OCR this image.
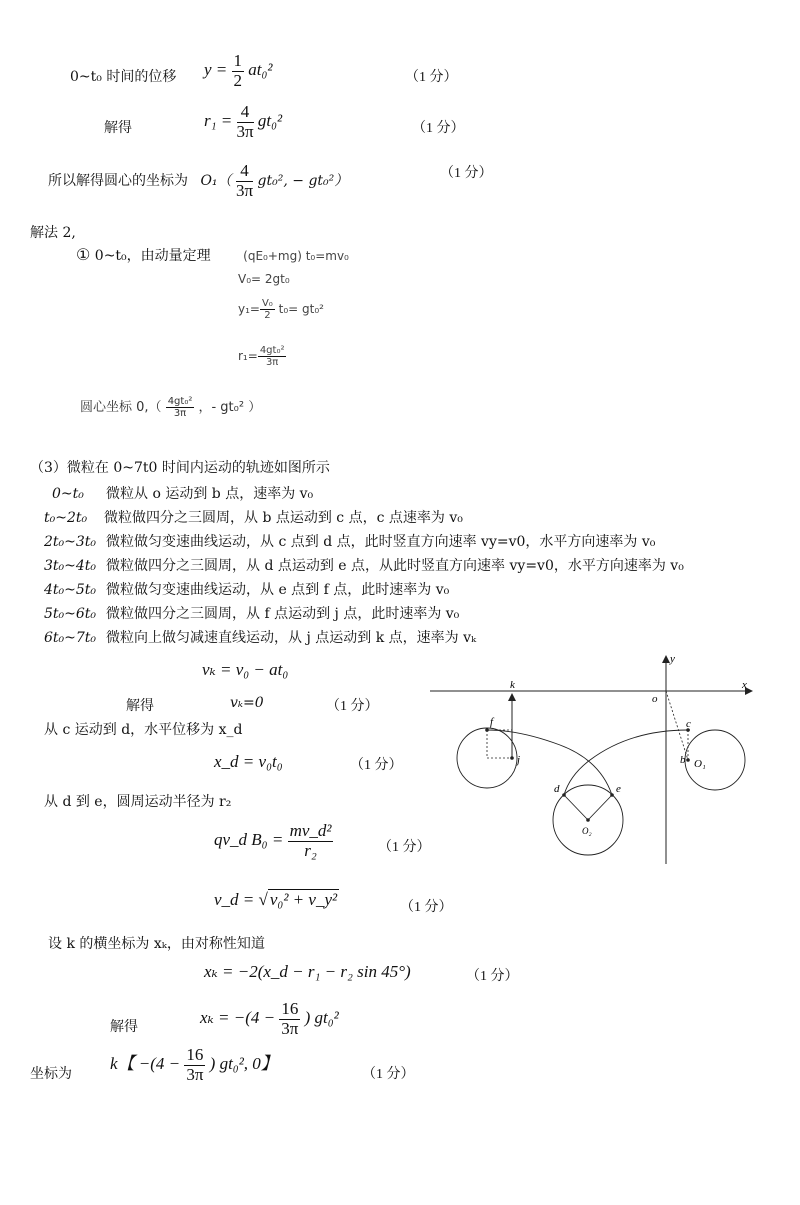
0~t₀ 时间的位移 $y = \frac{1}{2} at_0^2$	（1 分）
解得	$r_1 = \frac{4}{3\pi} gt_0^2$	（1 分）
所以解得圆心的坐标为 $O_1( \frac{4}{3\pi} gt_0^2$, − gt₀²）	（1 分）
解法 2,
① 0~t₀，由动量定理	(qE₀+mg) t₀=mv₀
V₀= 2gt₀
$y_1= \frac{\text{V₀}}{2} t_0= gt_0^2$
$r_1= \frac{\text{4gt₀²}}{3\pi}$
圆心坐标 $0,( \frac{\text{4gt₀²}}{3\pi}$ ，- gt₀² ）
（3）微粒在 0~7t0 时间内运动的轨迹如图所示
0~t₀ 微粒从 o 运动到 b 点，速率为 v₀
t₀~2t₀ 微粒做四分之三圆周，从 b 点运动到 c 点，c 点速率为 v₀
2t₀~3t₀ 微粒做匀变速曲线运动，从 c 点到 d 点，此时竖直方向速率 vy=v0，水平方向速率为 v₀
3t₀~4t₀ 微粒做四分之三圆周，从 d 点运动到 e 点，从此时竖直方向速率 vy=v0，水平方向速率为 v₀
4t₀~5t₀ 微粒做匀变速曲线运动，从 e 点到 f 点，此时速率为 v₀
5t₀~6t₀ 微粒做四分之三圆周，从 f 点运动到 j 点，此时速率为 v₀
6t₀~7t₀ 微粒向上做匀减速直线运动，从 j 点运动到 k 点，速率为 vₖ
vₖ = v₀ − at₀
解得	vₖ=0	（1 分）
从 c 运动到 d，水平位移为 x_d
x_d = v₀t₀	（1 分）
从 d 到 e，圆周运动半径为 r₂
qv_d $B_0 = \frac{\text{mv\_d²}}{\text{r₂}}$	（1 分）
v_d = √ v₀² + v_y²	（1 分）
设 k 的横坐标为 xₖ，由对称性知道
xₖ = −2(x_d − r₁ − r₂ sin 45°)	（1 分）
解得	$x_k = -(4 - \frac{16}{3\pi}$ ) gt₀²
坐标为
k【 $-(4 - \frac{16}{3\pi}$ ) gt₀², 0】
（1 分）
x
y
o
k
c
b O₁
f
j
d	e
O₂
